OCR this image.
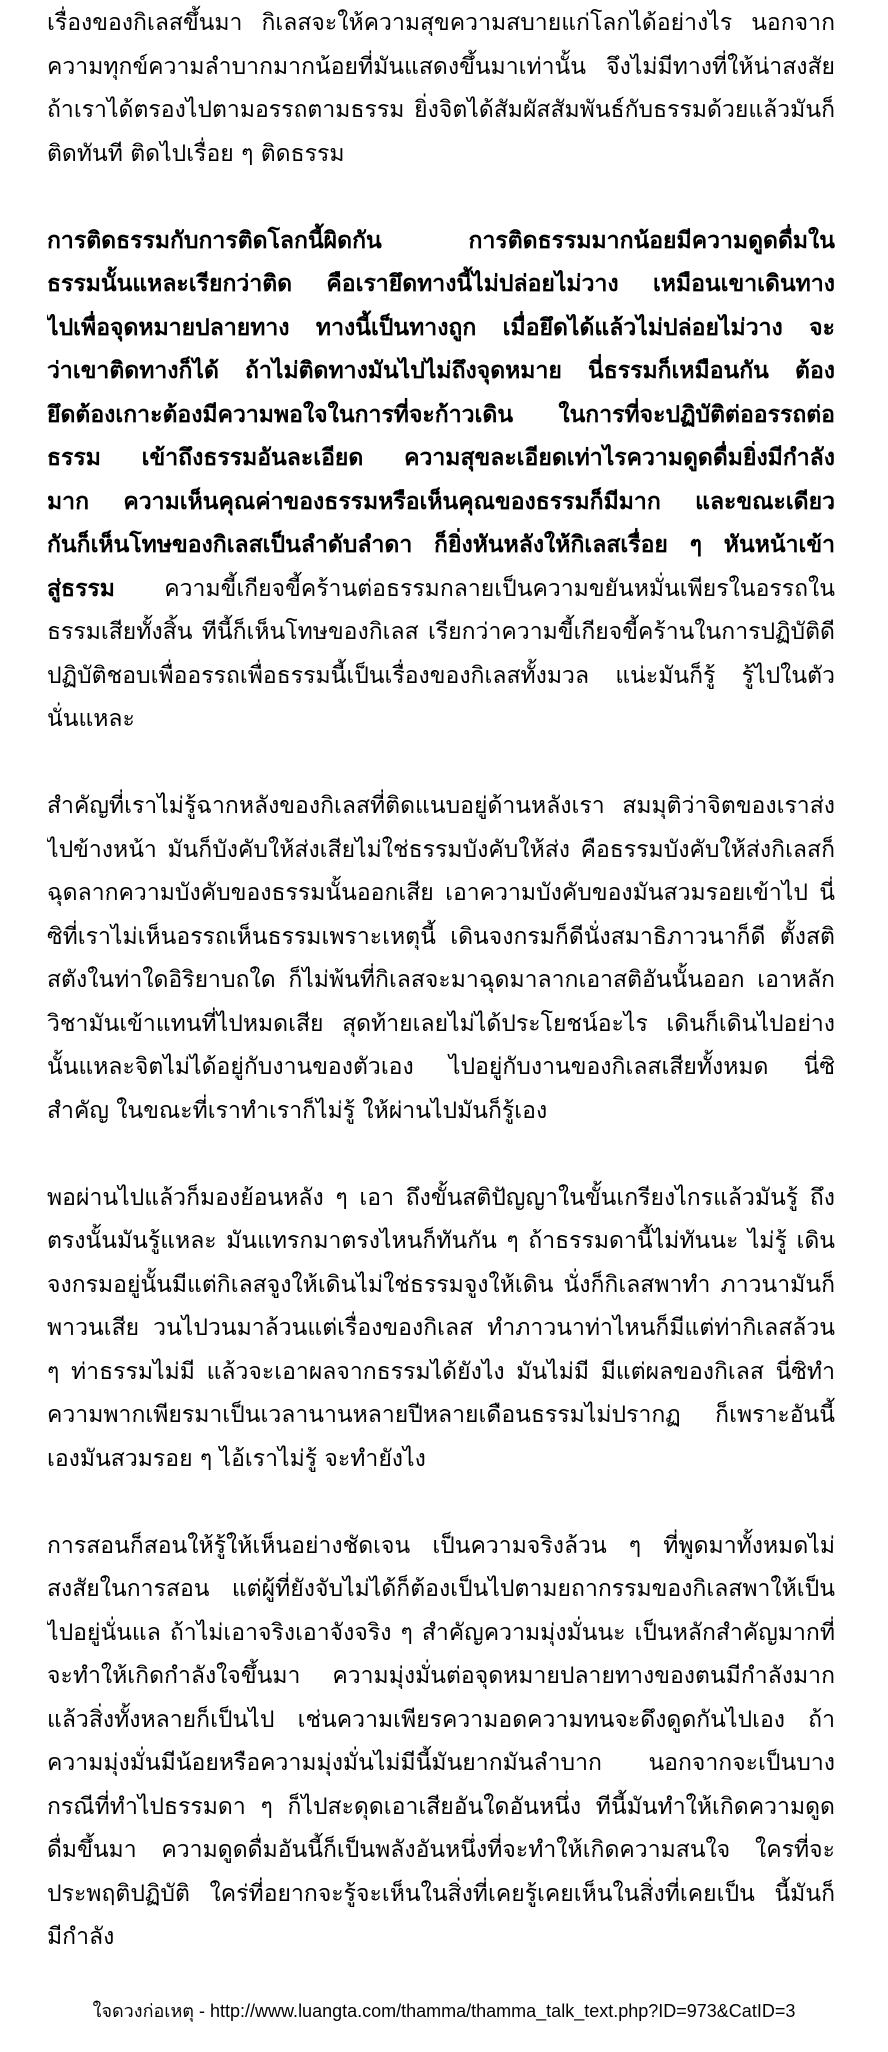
เรื่องของกิเลสขึ้นมา กิเลสจะให้ความสุขความสบายแก่โลกได้อย่างไร นอกจาก
ความทุกข์ความลำบากมากน้อยที่มันแสดงขึ้นมาเท่านั้น จึงไม่มีทางที่ให้น่าสงสัย
ถ้าเราได้ตรองไปตามอรรถตามธรรม ยิ่งจิตได้สัมผัสสัมพันธ์กับธรรมด้วยแล้วมันก็
ติดทันที ติดไปเรื่อย ๆ ติดธรรม
การติดธรรมกับการติดโลกนี้ผิดกัน การติดธรรมมากน้อยมีความดูดดื่มใน
ธรรมนั้นแหละเรียกว่าติด คือเรายึดทางนี้ไม่ปล่อยไม่วาง เหมือนเขาเดินทาง
ไปเพื่อจุดหมายปลายทาง ทางนี้เป็นทางถูก เมื่อยึดได้แล้วไม่ปล่อยไม่วาง จะ
ว่าเขาติดทางก็ได้ ถ้าไม่ติดทางมันไปไม่ถึงจุดหมาย นี่ธรรมก็เหมือนกัน ต้อง
ยึดต้องเกาะต้องมีความพอใจในการที่จะก้าวเดิน ในการที่จะปฏิบัติต่ออรรถต่อ
ธรรม เข้าถึงธรรมอันละเอียด ความสุขละเอียดเท่าไรความดูดดื่มยิ่งมีกำลัง
มาก ความเห็นคุณค่าของธรรมหรือเห็นคุณของธรรมก็มีมาก และขณะเดียว
กันก็เห็นโทษของกิเลสเป็นลำดับลำดา ก็ยิ่งหันหลังให้กิเลสเรื่อย ๆ หันหน้าเข้า
สู่ธรรม ความขี้เกียจขี้คร้านต่อธรรมกลายเป็นความขยันหมั่นเพียรในอรรถใน
ธรรมเสียทั้งสิ้น ทีนี้ก็เห็นโทษของกิเลส เรียกว่าความขี้เกียจขี้คร้านในการปฏิบัติดี
ปฏิบัติชอบเพื่ออรรถเพื่อธรรมนี้เป็นเรื่องของกิเลสทั้งมวล แน่ะมันก็รู้ รู้ไปในตัว
นั่นแหละ
สำคัญที่เราไม่รู้ฉากหลังของกิเลสที่ติดแนบอยู่ด้านหลังเรา สมมุติว่าจิตของเราส่ง
ไปข้างหน้า มันก็บังคับให้ส่งเสียไม่ใช่ธรรมบังคับให้ส่ง คือธรรมบังคับให้ส่งกิเลสก็
ฉุดลากความบังคับของธรรมนั้นออกเสีย เอาความบังคับของมันสวมรอยเข้าไป นี่
ซิที่เราไม่เห็นอรรถเห็นธรรมเพราะเหตุนี้ เดินจงกรมก็ดีนั่งสมาธิภาวนาก็ดี ตั้งสติ
สตังในท่าใดอิริยาบถใด ก็ไม่พ้นที่กิเลสจะมาฉุดมาลากเอาสติอันนั้นออก เอาหลัก
วิชามันเข้าแทนที่ไปหมดเสีย สุดท้ายเลยไม่ได้ประโยชน์อะไร เดินก็เดินไปอย่าง
นั้นแหละจิตไม่ได้อยู่กับงานของตัวเอง ไปอยู่กับงานของกิเลสเสียทั้งหมด นี่ซิ
สำคัญ ในขณะที่เราทำเราก็ไม่รู้ ให้ผ่านไปมันก็รู้เอง
พอผ่านไปแล้วก็มองย้อนหลัง ๆ เอา ถึงขั้นสติปัญญาในขั้นเกรียงไกรแล้วมันรู้ ถึง
ตรงนั้นมันรู้แหละ มันแทรกมาตรงไหนก็ทันกัน ๆ ถ้าธรรมดานี้ไม่ทันนะ ไม่รู้ เดิน
จงกรมอยู่นั้นมีแต่กิเลสจูงให้เดินไม่ใช่ธรรมจูงให้เดิน นั่งก็กิเลสพาทำ ภาวนามันก็
พาวนเสีย วนไปวนมาล้วนแต่เรื่องของกิเลส ทำภาวนาท่าไหนก็มีแต่ท่ากิเลสล้วน
ๆ ท่าธรรมไม่มี แล้วจะเอาผลจากธรรมได้ยังไง มันไม่มี มีแต่ผลของกิเลส นี่ซิทำ
ความพากเพียรมาเป็นเวลานานหลายปีหลายเดือนธรรมไม่ปรากฏ ก็เพราะอันนี้
เองมันสวมรอย ๆ ไอ้เราไม่รู้ จะทำยังไง
การสอนก็สอนให้รู้ให้เห็นอย่างชัดเจน เป็นความจริงล้วน ๆ ที่พูดมาทั้งหมดไม่
สงสัยในการสอน แต่ผู้ที่ยังจับไม่ได้ก็ต้องเป็นไปตามยถากรรมของกิเลสพาให้เป็น
ไปอยู่นั่นแล ถ้าไม่เอาจริงเอาจังจริง ๆ สำคัญความมุ่งมั่นนะ เป็นหลักสำคัญมากที่
จะทำให้เกิดกำลังใจขึ้นมา ความมุ่งมั่นต่อจุดหมายปลายทางของตนมีกำลังมาก
แล้วสิ่งทั้งหลายก็เป็นไป เช่นความเพียรความอดความทนจะดึงดูดกันไปเอง ถ้า
ความมุ่งมั่นมีน้อยหรือความมุ่งมั่นไม่มีนี้มันยากมันลำบาก นอกจากจะเป็นบาง
กรณีที่ทำไปธรรมดา ๆ ก็ไปสะดุดเอาเสียอันใดอันหนึ่ง ทีนี้มันทำให้เกิดความดูด
ดื่มขึ้นมา ความดูดดื่มอันนี้ก็เป็นพลังอันหนึ่งที่จะทำให้เกิดความสนใจ ใครที่จะ
ประพฤติปฏิบัติ ใคร่ที่อยากจะรู้จะเห็นในสิ่งที่เคยรู้เคยเห็นในสิ่งที่เคยเป็น นี้มันก็
มีกำลัง
ใจดวงก่อเหตุ - http://www.luangta.com/thamma/thamma_talk_text.php?ID=973&CatID=3
